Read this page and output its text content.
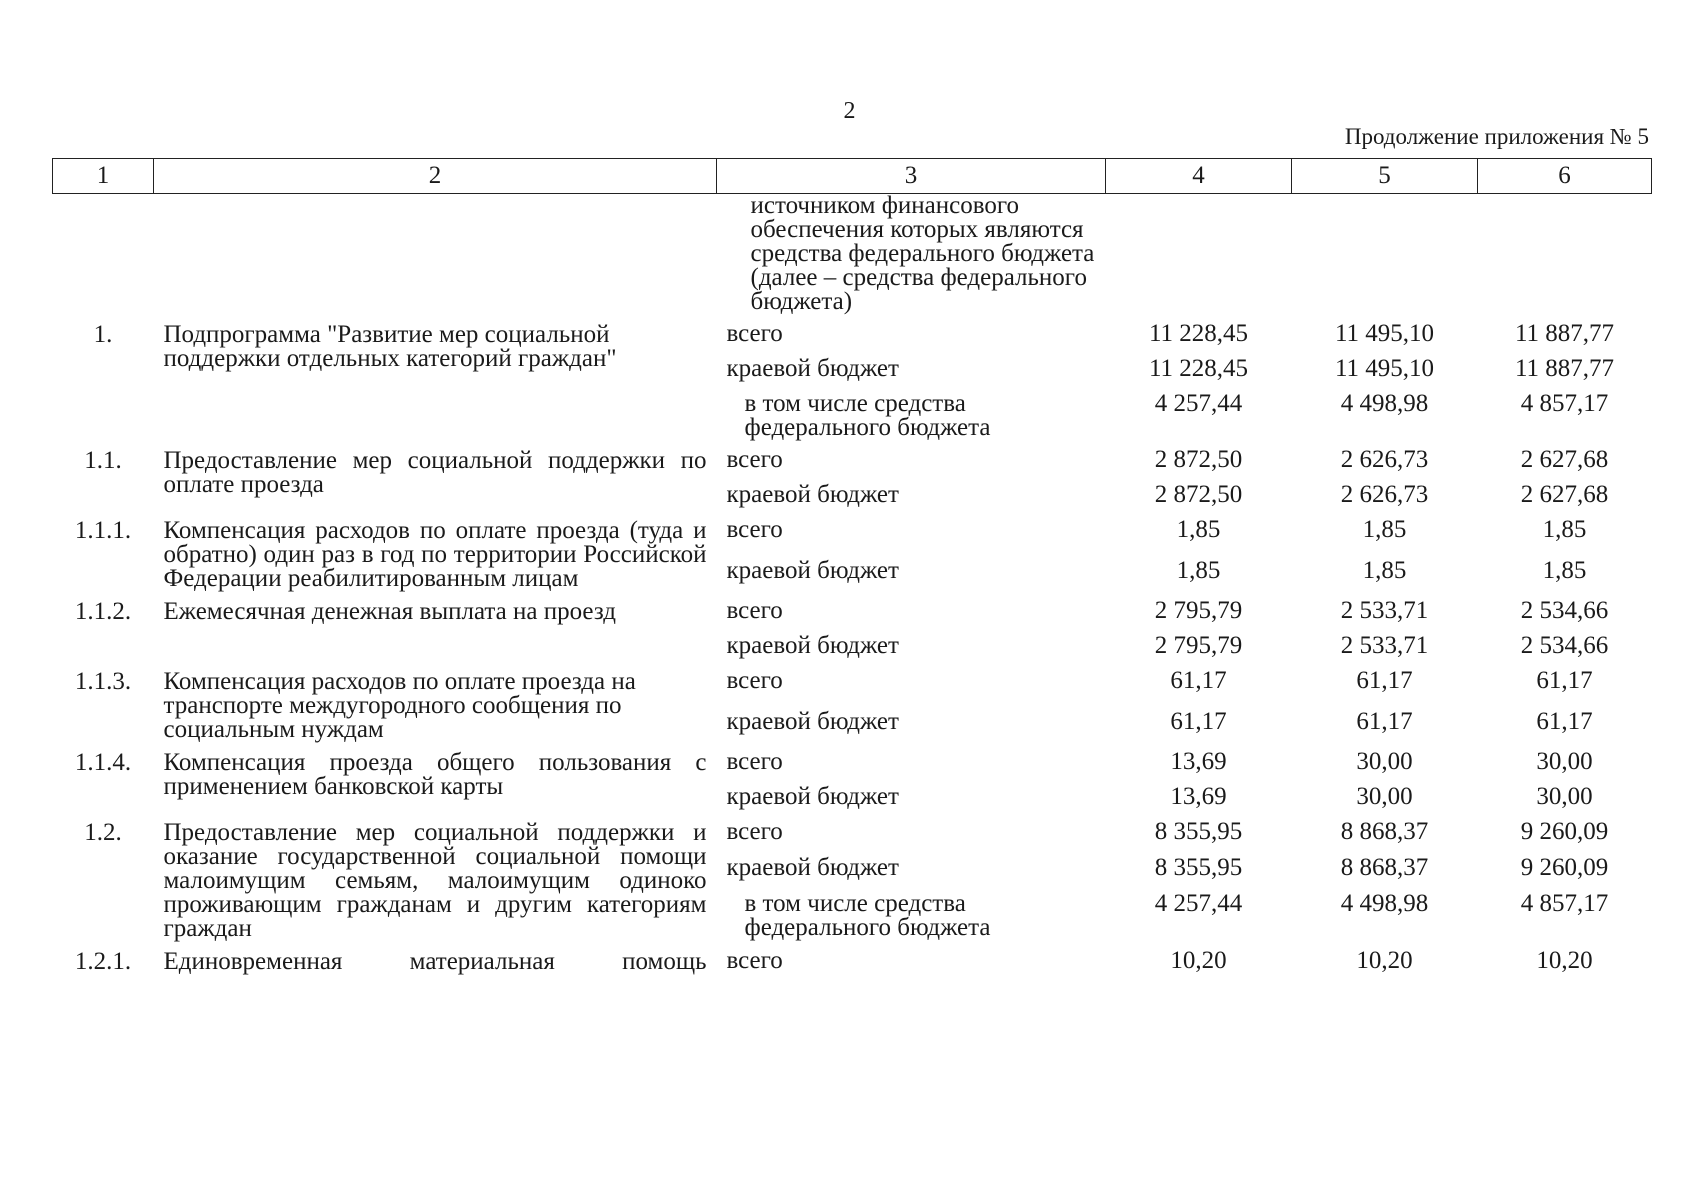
2
Продолжение приложения № 5
1	2	3	4	5	6
		источником финансового обеспечения которых являются средства федерального бюджета (далее – средства федерального бюджета)			
1.	Подпрограмма "Развитие мер социальной поддержки отдельных категорий граждан"	всего	11 228,45	11 495,10	11 887,77
		краевой бюджет	11 228,45	11 495,10	11 887,77
		в том числе средства федерального бюджета	4 257,44	4 498,98	4 857,17
1.1.	Предоставление мер социальной поддержки по оплате проезда	всего	2 872,50	2 626,73	2 627,68
		краевой бюджет	2 872,50	2 626,73	2 627,68
1.1.1.	Компенсация расходов по оплате проезда (туда и обратно) один раз в год по территории Российской Федерации реабилитированным лицам	всего	1,85	1,85	1,85
		краевой бюджет	1,85	1,85	1,85
1.1.2.	Ежемесячная денежная выплата на проезд	всего	2 795,79	2 533,71	2 534,66
		краевой бюджет	2 795,79	2 533,71	2 534,66
1.1.3.	Компенсация расходов по оплате проезда на транспорте междугородного сообщения по социальным нуждам	всего	61,17	61,17	61,17
		краевой бюджет	61,17	61,17	61,17
1.1.4.	Компенсация проезда общего пользования с применением банковской карты	всего	13,69	30,00	30,00
		краевой бюджет	13,69	30,00	30,00
1.2.	Предоставление мер социальной поддержки и оказание государственной социальной помощи малоимущим семьям, малоимущим одиноко проживающим гражданам и другим категориям граждан	всего	8 355,95	8 868,37	9 260,09
		краевой бюджет	8 355,95	8 868,37	9 260,09
		в том числе средства федерального бюджета	4 257,44	4 498,98	4 857,17
1.2.1.	Единовременная материальная помощь	всего	10,20	10,20	10,20
